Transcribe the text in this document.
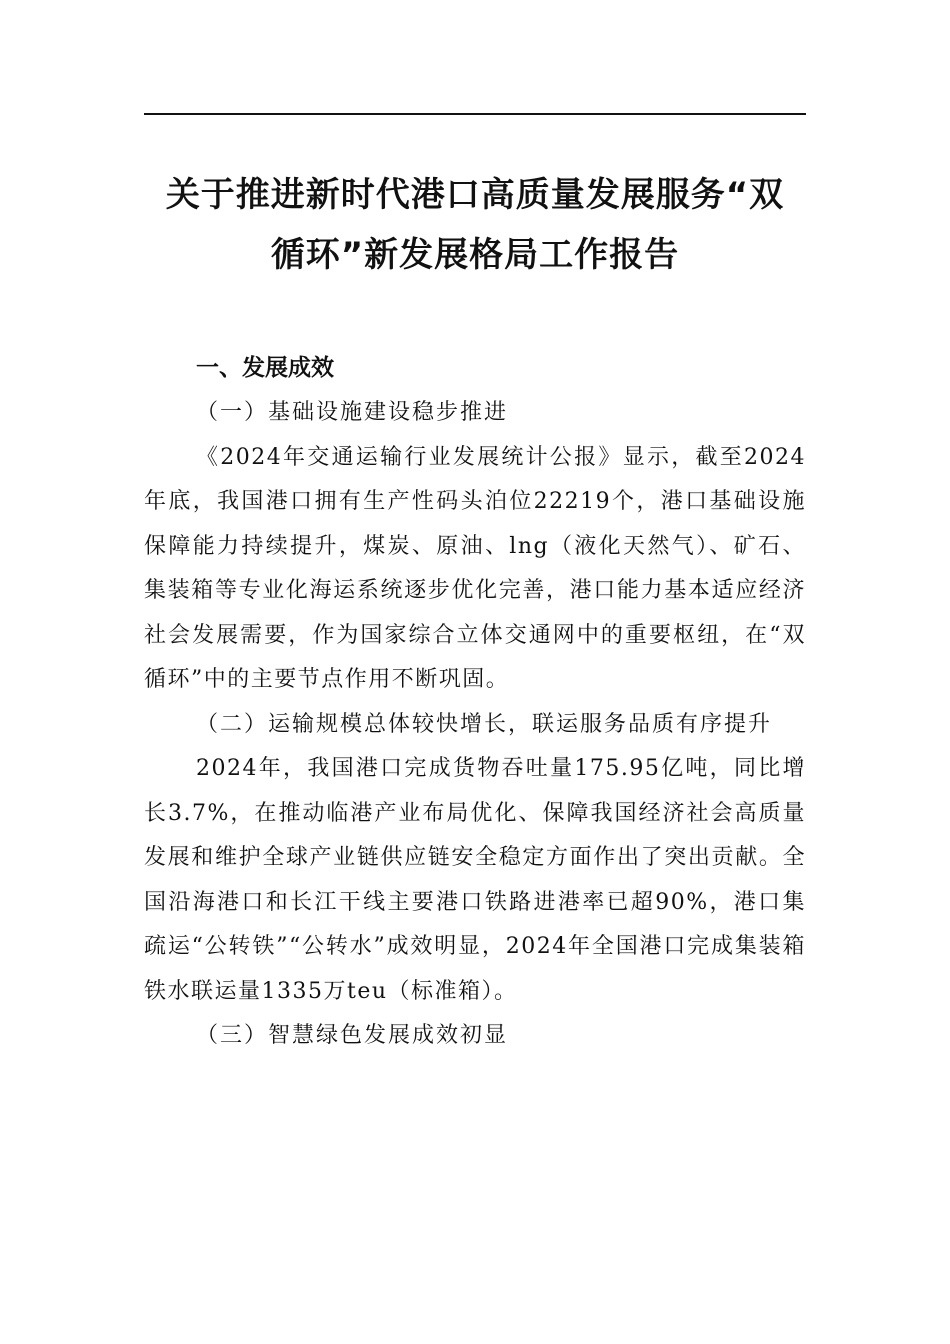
关于推进新时代港口高质量发展服务“双
循环”新发展格局工作报告
一、发展成效

（一）基础设施建设稳步推进

《2024年交通运输行业发展统计公报》显示，截至2024年底，我国港口拥有生产性码头泊位22219个，港口基础设施保障能力持续提升，煤炭、原油、lng（液化天然气）、矿石、集装箱等专业化海运系统逐步优化完善，港口能力基本适应经济社会发展需要，作为国家综合立体交通网中的重要枢纽，在“双循环”中的主要节点作用不断巩固。

（二）运输规模总体较快增长，联运服务品质有序提升

2024年，我国港口完成货物吞吐量175.95亿吨，同比增长3.7%，在推动临港产业布局优化、保障我国经济社会高质量发展和维护全球产业链供应链安全稳定方面作出了突出贡献。全国沿海港口和长江干线主要港口铁路进港率已超90%，港口集疏运“公转铁”“公转水”成效明显，2024年全国港口完成集装箱铁水联运量1335万teu（标准箱）。

（三）智慧绿色发展成效初显
